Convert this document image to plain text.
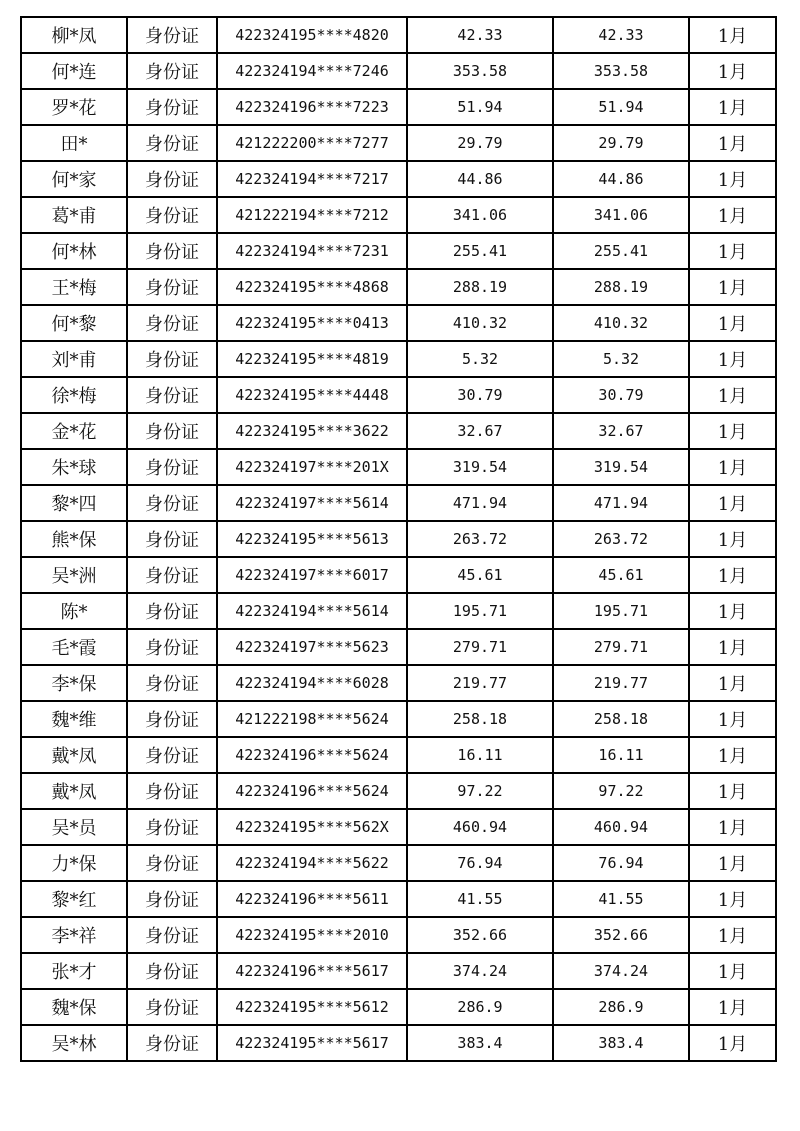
柳*凤	身份证	422324195****4820	42.33	42.33	1月
何*连	身份证	422324194****7246	353.58	353.58	1月
罗*花	身份证	422324196****7223	51.94	51.94	1月
田*	身份证	421222200****7277	29.79	29.79	1月
何*家	身份证	422324194****7217	44.86	44.86	1月
葛*甫	身份证	421222194****7212	341.06	341.06	1月
何*林	身份证	422324194****7231	255.41	255.41	1月
王*梅	身份证	422324195****4868	288.19	288.19	1月
何*黎	身份证	422324195****0413	410.32	410.32	1月
刘*甫	身份证	422324195****4819	5.32	5.32	1月
徐*梅	身份证	422324195****4448	30.79	30.79	1月
金*花	身份证	422324195****3622	32.67	32.67	1月
朱*球	身份证	422324197****201X	319.54	319.54	1月
黎*四	身份证	422324197****5614	471.94	471.94	1月
熊*保	身份证	422324195****5613	263.72	263.72	1月
吴*洲	身份证	422324197****6017	45.61	45.61	1月
陈*	身份证	422324194****5614	195.71	195.71	1月
毛*霞	身份证	422324197****5623	279.71	279.71	1月
李*保	身份证	422324194****6028	219.77	219.77	1月
魏*维	身份证	421222198****5624	258.18	258.18	1月
戴*凤	身份证	422324196****5624	16.11	16.11	1月
戴*凤	身份证	422324196****5624	97.22	97.22	1月
吴*员	身份证	422324195****562X	460.94	460.94	1月
力*保	身份证	422324194****5622	76.94	76.94	1月
黎*红	身份证	422324196****5611	41.55	41.55	1月
李*祥	身份证	422324195****2010	352.66	352.66	1月
张*才	身份证	422324196****5617	374.24	374.24	1月
魏*保	身份证	422324195****5612	286.9	286.9	1月
吴*林	身份证	422324195****5617	383.4	383.4	1月
